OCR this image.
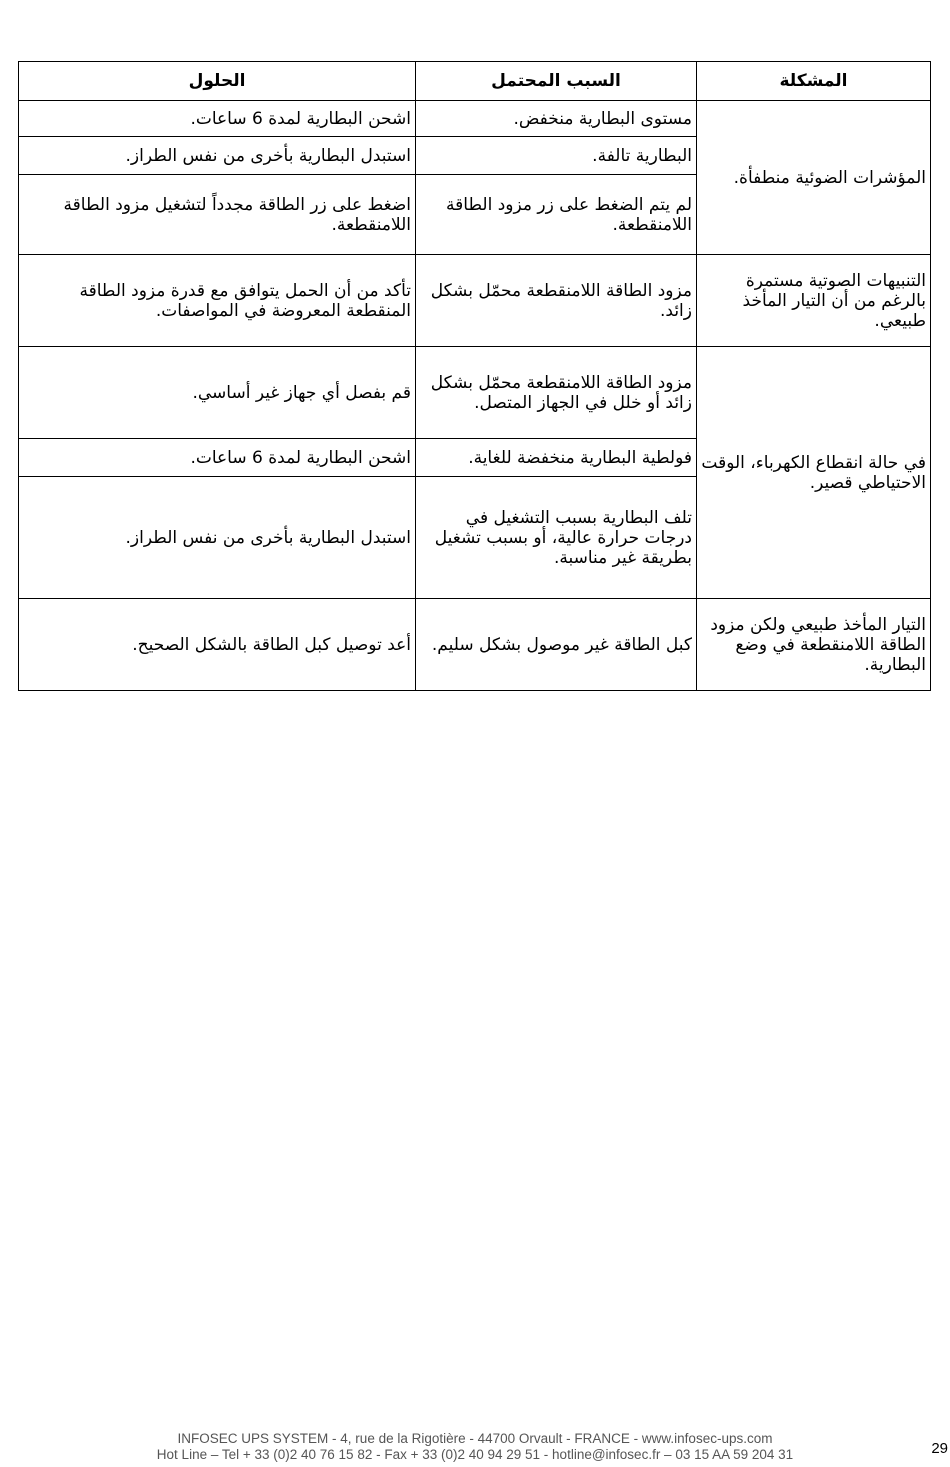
المشكلة	السبب المحتمل	الحلول
المؤشرات الضوئية منطفأة.	مستوى البطارية منخفض.	اشحن البطارية لمدة 6 ساعات.
	البطارية تالفة.	استبدل البطارية بأخرى من نفس الطراز.
	لم يتم الضغط على زر مزود الطاقة اللامنقطعة.	اضغط على زر الطاقة مجدداً لتشغيل مزود الطاقة اللامنقطعة.
التنبيهات الصوتية مستمرة بالرغم من أن التيار المأخذ طبيعي.	مزود الطاقة اللامنقطعة محمّل بشكل زائد.	تأكد من أن الحمل يتوافق مع قدرة مزود الطاقة المنقطعة المعروضة في المواصفات.
في حالة انقطاع الكهرباء، الوقت الاحتياطي قصير.	مزود الطاقة اللامنقطعة محمّل بشكل زائد أو خلل في الجهاز المتصل.	قم بفصل أي جهاز غير أساسي.
	فولطية البطارية منخفضة للغاية.	اشحن البطارية لمدة 6 ساعات.
	تلف البطارية بسبب التشغيل في درجات حرارة عالية، أو بسبب تشغيل بطريقة غير مناسبة.	استبدل البطارية بأخرى من نفس الطراز.
التيار المأخذ طبيعي ولكن مزود الطاقة اللامنقطعة في وضع البطارية.	كبل الطاقة غير موصول بشكل سليم.	أعد توصيل كبل الطاقة بالشكل الصحيح.
INFOSEC UPS SYSTEM - 4, rue de la Rigotière - 44700 Orvault - FRANCE - www.infosec-ups.com
Hot Line – Tel + 33 (0)2 40 76 15 82 - Fax + 33 (0)2 40 94 29 51 - hotline@infosec.fr – 03 15 AA 59 204 31	29
